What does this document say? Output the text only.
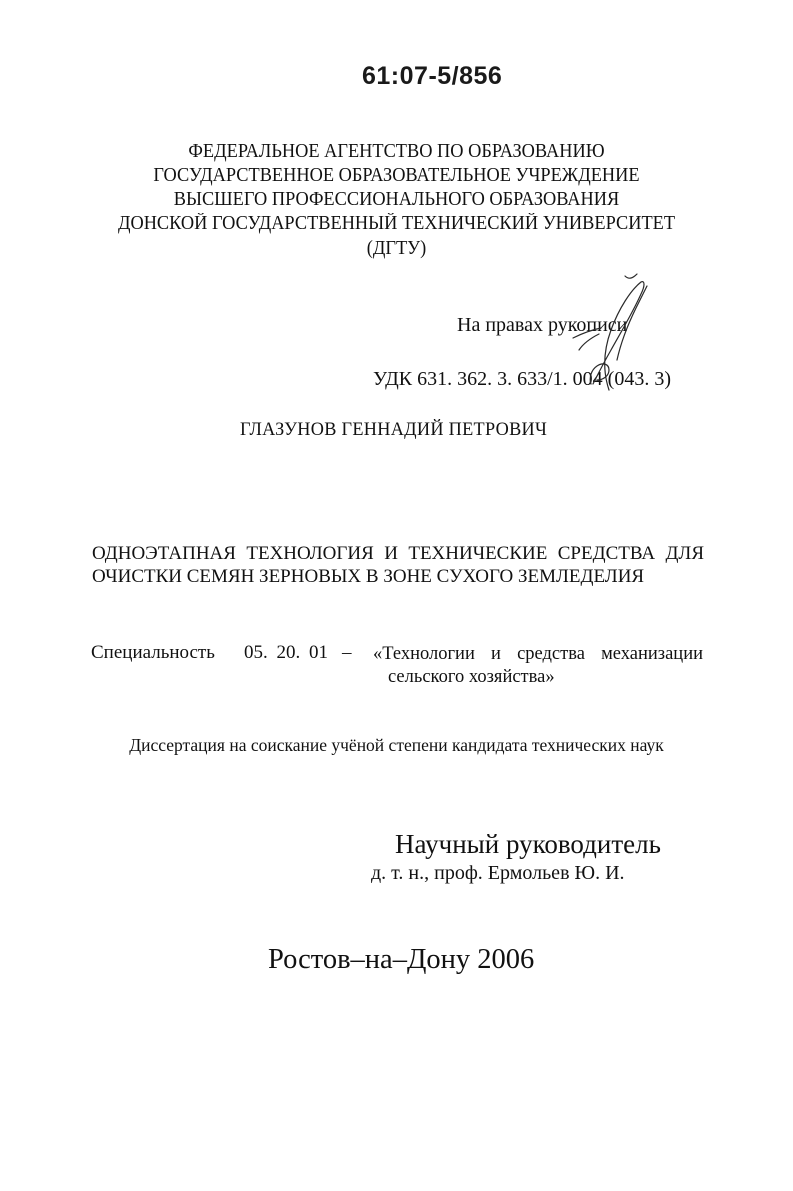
61:07-5/856
ФЕДЕРАЛЬНОЕ АГЕНТСТВО ПО ОБРАЗОВАНИЮ
ГОСУДАРСТВЕННОЕ ОБРАЗОВАТЕЛЬНОЕ УЧРЕЖДЕНИЕ
ВЫСШЕГО ПРОФЕССИОНАЛЬНОГО ОБРАЗОВАНИЯ
ДОНСКОЙ ГОСУДАРСТВЕННЫЙ ТЕХНИЧЕСКИЙ УНИВЕРСИТЕТ
(ДГТУ)
На правах рукописи
УДК 631. 362. 3. 633/1. 004 (043. 3)
ГЛАЗУНОВ ГЕННАДИЙ ПЕТРОВИЧ
ОДНОЭТАПНАЯ ТЕХНОЛОГИЯ И ТЕХНИЧЕСКИЕ СРЕДСТВА ДЛЯ
ОЧИСТКИ СЕМЯН ЗЕРНОВЫХ В ЗОНЕ СУХОГО ЗЕМЛЕДЕЛИЯ
Специальность 05. 20. 01 – «Технологии и средства механизации
сельского хозяйства»
Диссертация на соискание учёной степени кандидата технических наук
Научный руководитель
д. т. н., проф. Ермольев Ю. И.
Ростов–на–Дону 2006
